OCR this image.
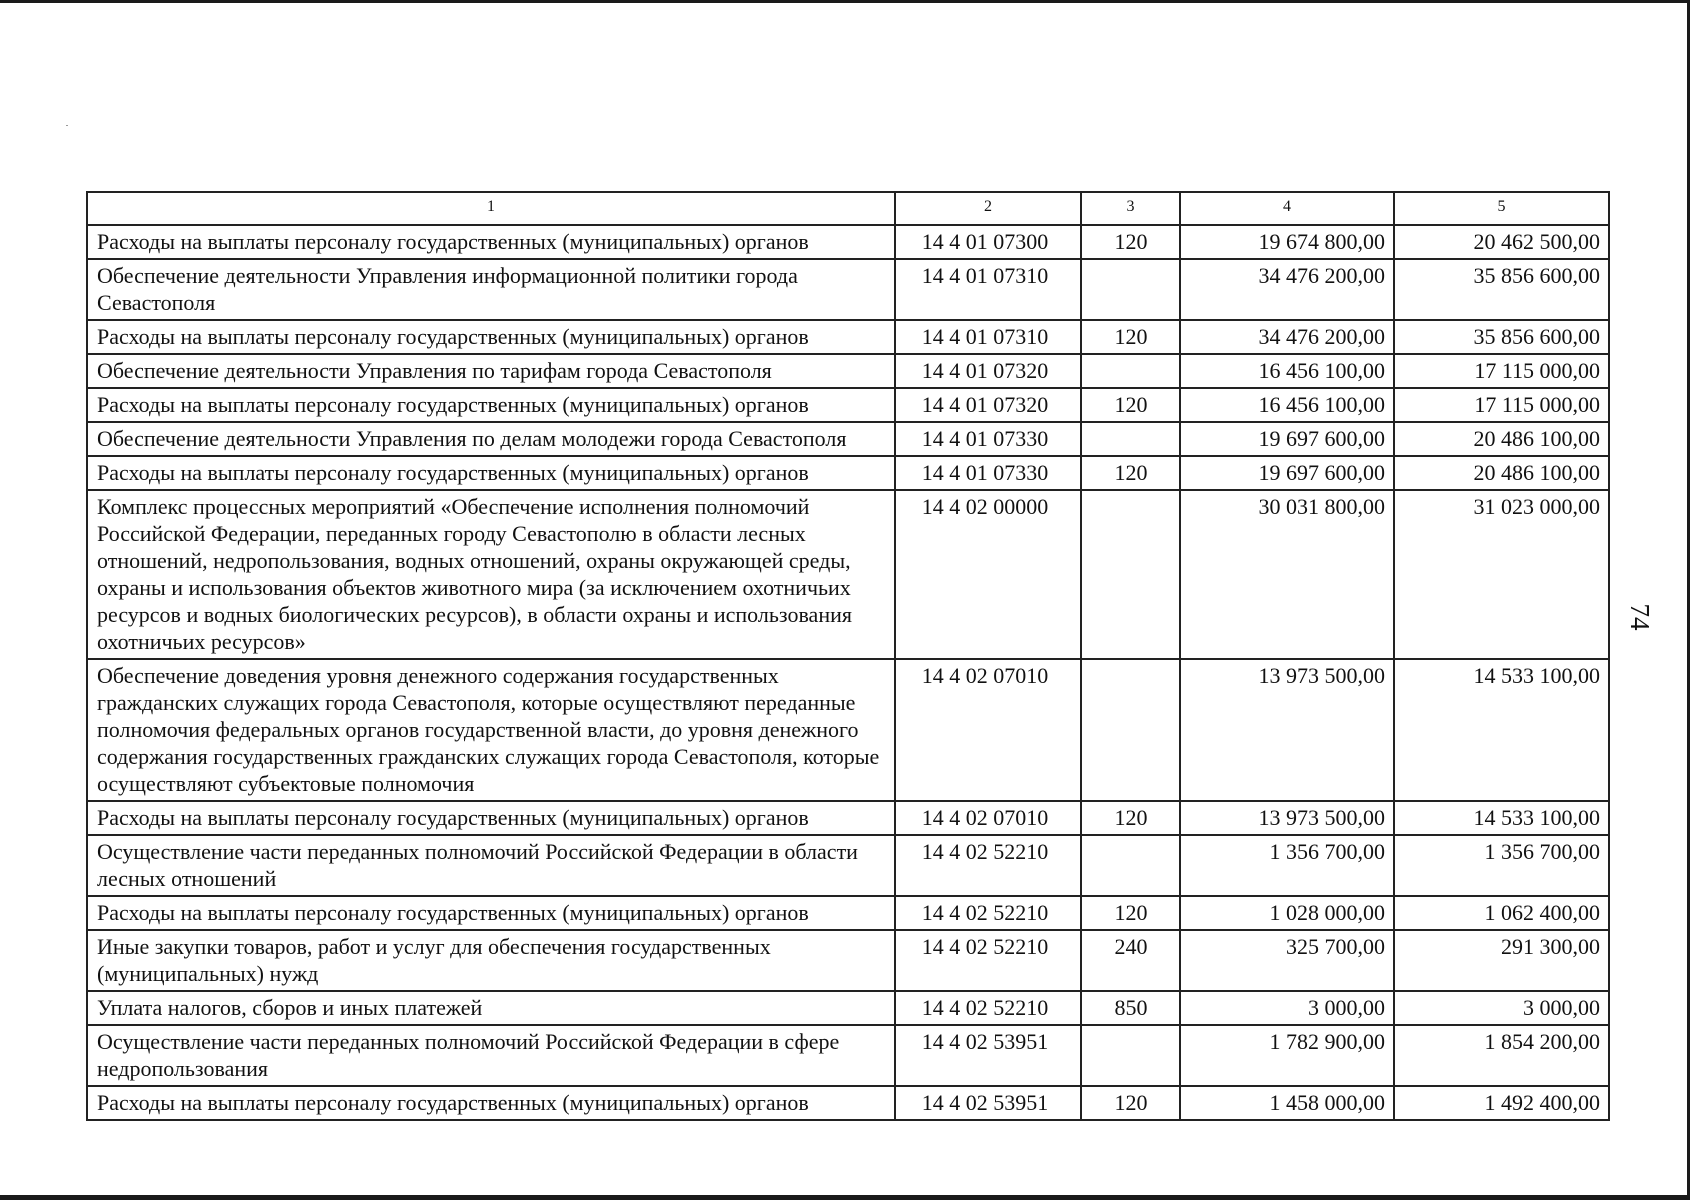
1	2	3	4	5
Расходы на выплаты персоналу государственных (муниципальных) органов	14 4 01 07300	120	19 674 800,00	20 462 500,00
Обеспечение деятельности Управления информационной политики города Севастополя	14 4 01 07310		34 476 200,00	35 856 600,00
Расходы на выплаты персоналу государственных (муниципальных) органов	14 4 01 07310	120	34 476 200,00	35 856 600,00
Обеспечение деятельности Управления по тарифам города Севастополя	14 4 01 07320		16 456 100,00	17 115 000,00
Расходы на выплаты персоналу государственных (муниципальных) органов	14 4 01 07320	120	16 456 100,00	17 115 000,00
Обеспечение деятельности Управления по делам молодежи города Севастополя	14 4 01 07330		19 697 600,00	20 486 100,00
Расходы на выплаты персоналу государственных (муниципальных) органов	14 4 01 07330	120	19 697 600,00	20 486 100,00
Комплекс процессных мероприятий «Обеспечение исполнения полномочий Российской Федерации, переданных городу Севастополю в области лесных отношений, недропользования, водных отношений, охраны окружающей среды, охраны и использования объектов животного мира (за исключением охотничьих ресурсов и водных биологических ресурсов), в области охраны и использования охотничьих ресурсов»	14 4 02 00000		30 031 800,00	31 023 000,00
Обеспечение доведения уровня денежного содержания государственных гражданских служащих города Севастополя, которые осуществляют переданные полномочия федеральных органов государственной власти, до уровня денежного содержания государственных гражданских служащих города Севастополя, которые осуществляют субъектовые полномочия	14 4 02 07010		13 973 500,00	14 533 100,00
Расходы на выплаты персоналу государственных (муниципальных) органов	14 4 02 07010	120	13 973 500,00	14 533 100,00
Осуществление части переданных полномочий Российской Федерации в области лесных отношений	14 4 02 52210		1 356 700,00	1 356 700,00
Расходы на выплаты персоналу государственных (муниципальных) органов	14 4 02 52210	120	1 028 000,00	1 062 400,00
Иные закупки товаров, работ и услуг для обеспечения государственных (муниципальных) нужд	14 4 02 52210	240	325 700,00	291 300,00
Уплата налогов, сборов и иных платежей	14 4 02 52210	850	3 000,00	3 000,00
Осуществление части переданных полномочий Российской Федерации в сфере недропользования	14 4 02 53951		1 782 900,00	1 854 200,00
Расходы на выплаты персоналу государственных (муниципальных) органов	14 4 02 53951	120	1 458 000,00	1 492 400,00
74
